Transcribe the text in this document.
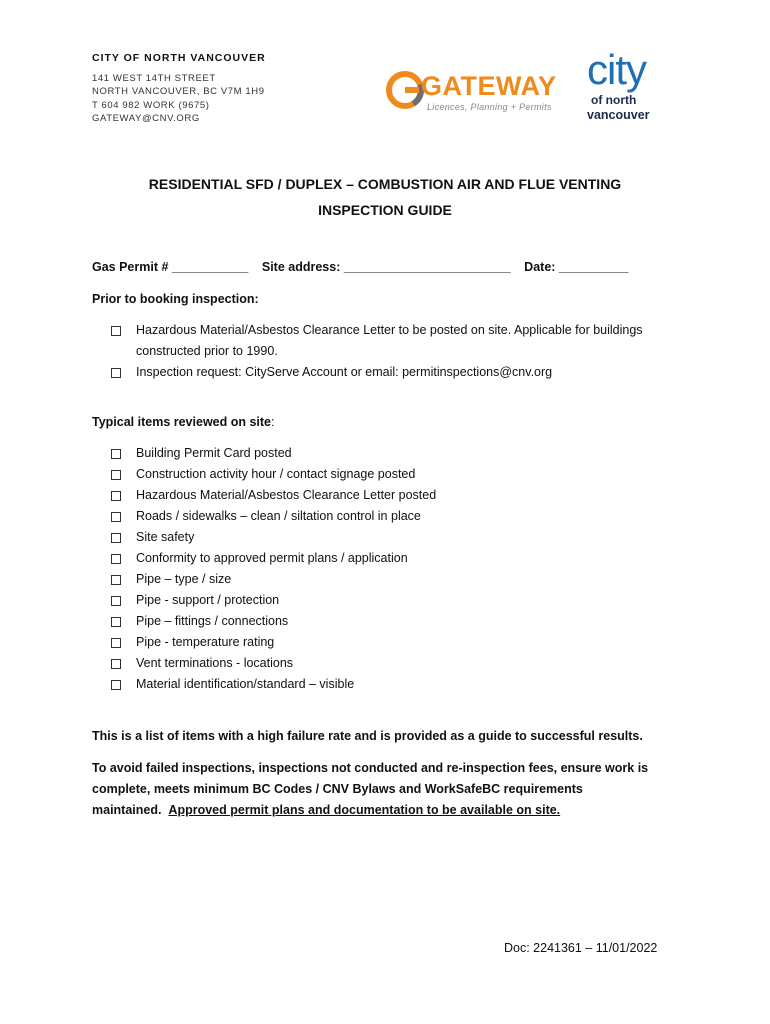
CITY OF NORTH VANCOUVER
141 WEST 14TH STREET
NORTH VANCOUVER, BC V7M 1H9
T 604 982 WORK (9675)
GATEWAY@CNV.ORG
GATEWAY
Licences, Planning + Permits
city
of north
vancouver
RESIDENTIAL SFD / DUPLEX – COMBUSTION AIR AND FLUE VENTING
INSPECTION GUIDE
Gas Permit # ___________ Site address: ________________________ Date: __________
Prior to booking inspection:
Hazardous Material/Asbestos Clearance Letter to be posted on site. Applicable for buildings constructed prior to 1990.
Inspection request: CityServe Account or email: permitinspections@cnv.org
Typical items reviewed on site:
Building Permit Card posted
Construction activity hour / contact signage posted
Hazardous Material/Asbestos Clearance Letter posted
Roads / sidewalks – clean / siltation control in place
Site safety
Conformity to approved permit plans / application
Pipe – type / size
Pipe - support / protection
Pipe – fittings / connections
Pipe - temperature rating
Vent terminations - locations
Material identification/standard – visible
This is a list of items with a high failure rate and is provided as a guide to successful results.
To avoid failed inspections, inspections not conducted and re-inspection fees, ensure work is complete, meets minimum BC Codes / CNV Bylaws and WorkSafeBC requirements maintained. Approved permit plans and documentation to be available on site.
Doc: 2241361 – 11/01/2022
